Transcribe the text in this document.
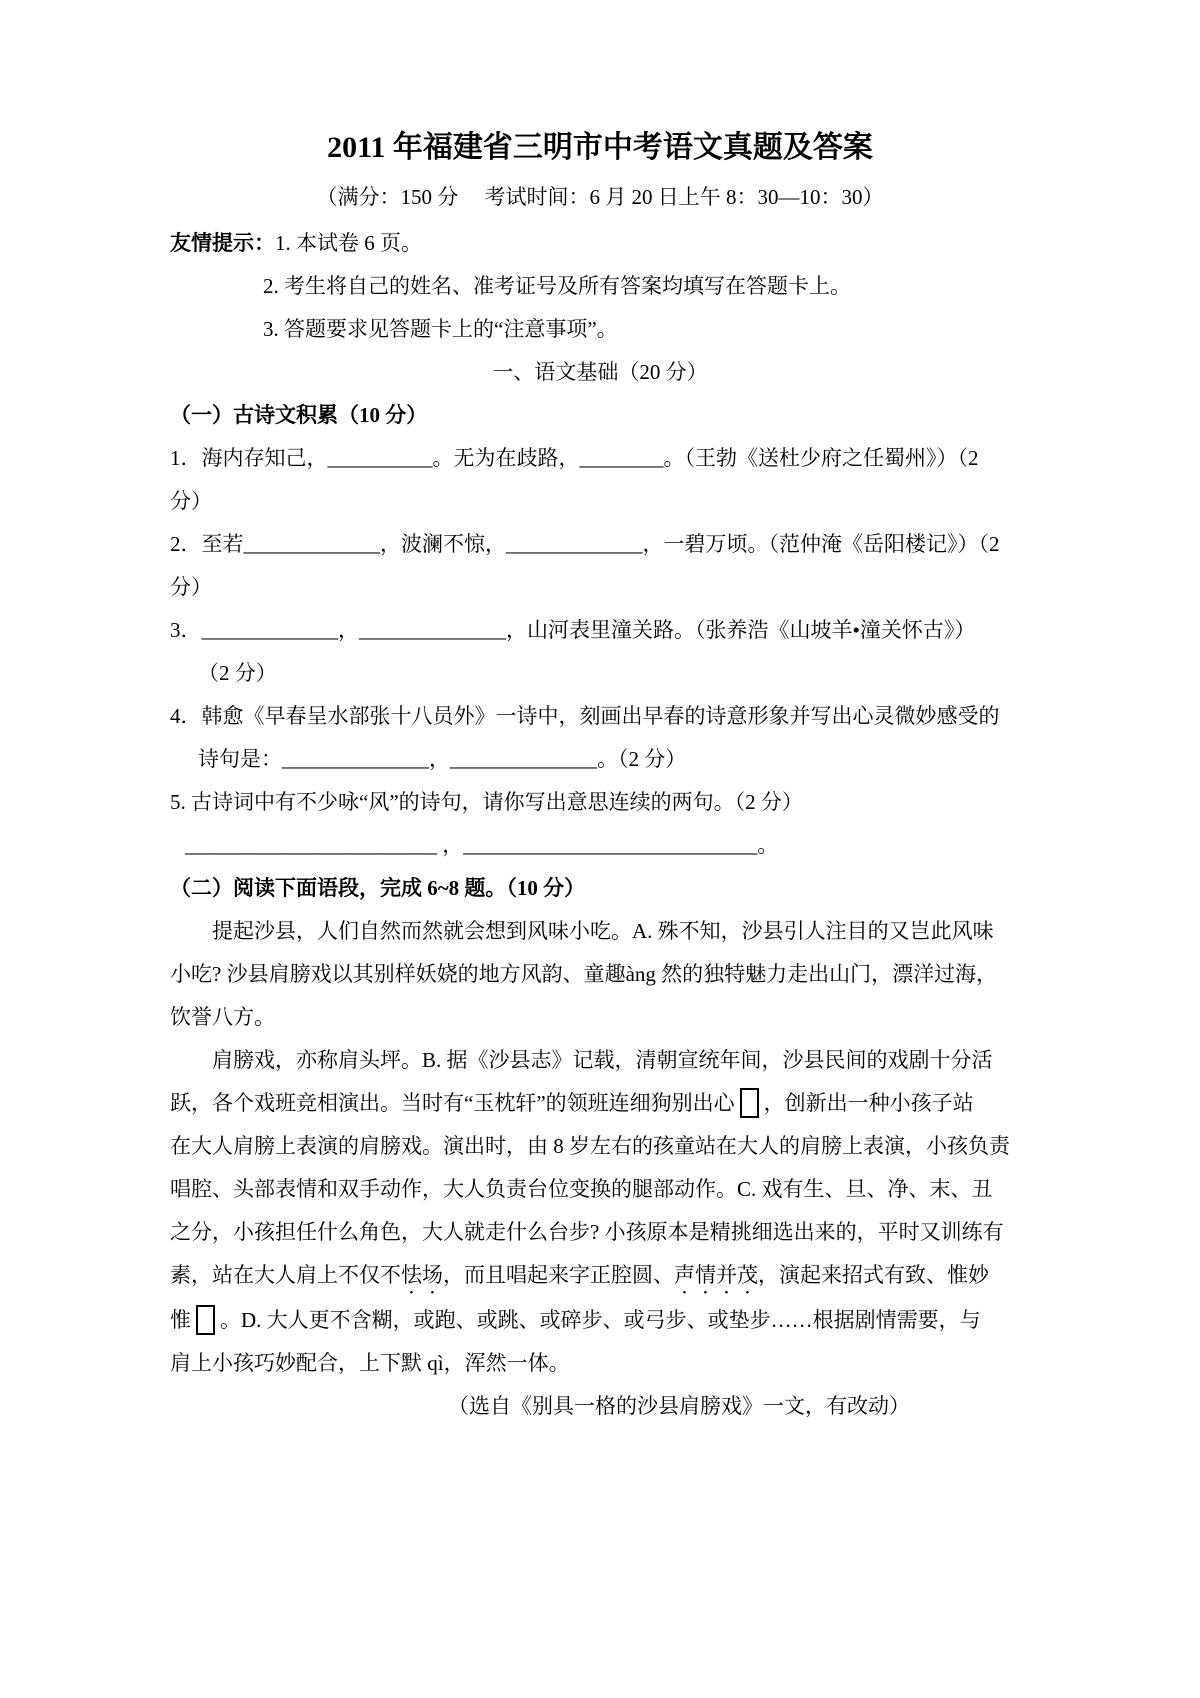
2011 年福建省三明市中考语文真题及答案
（满分：150 分　 考试时间：6 月 20 日上午 8：30—10：30）
友情提示：1. 本试卷 6 页。
2. 考生将自己的姓名、准考证号及所有答案均填写在答题卡上。
3. 答题要求见答题卡上的“注意事项”。
一、语文基础（20 分）
（一）古诗文积累（10 分）
1．海内存知己，__________。无为在歧路，________。（王勃《送杜少府之任蜀州》）（2
分）
2．至若_____________，波澜不惊，_____________，一碧万顷。（范仲淹《岳阳楼记》）（2
分）
3．_____________，______________，山河表里潼关路。（张养浩《山坡羊•潼关怀古》）
（2 分）
4．韩愈《早春呈水部张十八员外》一诗中，刻画出早春的诗意形象并写出心灵微妙感受的
诗句是：______________，______________。（2 分）
5. 古诗词中有不少咏“风”的诗句，请你写出意思连续的两句。（2 分）
________________________ ，____________________________。
（二）阅读下面语段，完成 6~8 题。（10 分）
提起沙县，人们自然而然就会想到风味小吃。A. 殊不知，沙县引人注目的又岂此风味
小吃? 沙县肩膀戏以其别样妖娆的地方风韵、童趣àng 然的独特魅力走出山门，漂洋过海，
饮誉八方。
肩膀戏，亦称肩头坪。B. 据《沙县志》记载，清朝宣统年间，沙县民间的戏剧十分活
跃，各个戏班竞相演出。当时有“玉枕轩”的领班连细狗别出心 ，创新出一种小孩子站
在大人肩膀上表演的肩膀戏。演出时，由 8 岁左右的孩童站在大人的肩膀上表演，小孩负责
唱腔、头部表情和双手动作，大人负责台位变换的腿部动作。C. 戏有生、旦、净、末、丑
之分，小孩担任什么角色，大人就走什么台步? 小孩原本是精挑细选出来的，平时又训练有
素，站在大人肩上不仅不怯场，而且唱起来字正腔圆、声情并茂，演起来招式有致、惟妙
惟 。D. 大人更不含糊，或跑、或跳、或碎步、或弓步、或垫步……根据剧情需要，与
肩上小孩巧妙配合，上下默 qì，浑然一体。
（选自《别具一格的沙县肩膀戏》一文，有改动）
